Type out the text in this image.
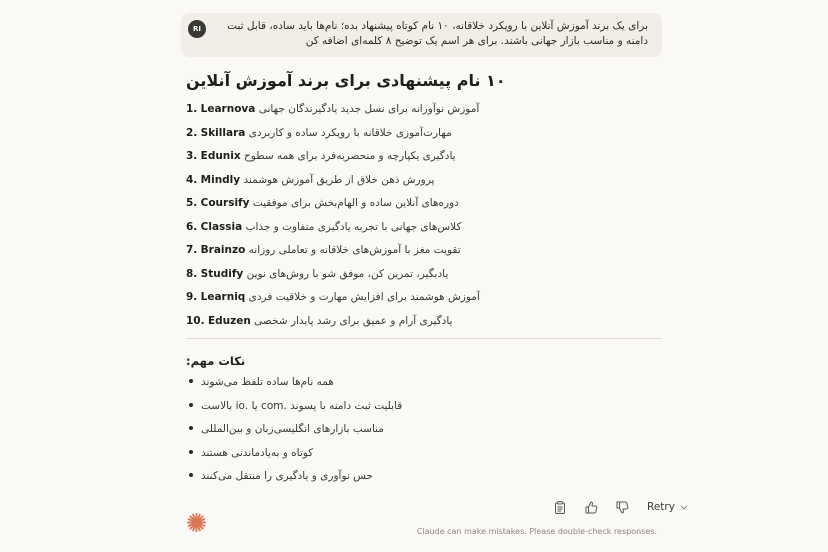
RI	برای یک برند آموزش آنلاین با رویکرد خلاقانه، ۱۰ نام کوتاه پیشنهاد بده؛ نام‌ها باید ساده، قابل ثبت دامنه و مناسب بازار جهانی باشند. برای هر اسم یک توضیح ۸ کلمه‌ای اضافه کن
۱۰ نام پیشنهادی برای برند آموزش آنلاین
1. Learnova آموزش نوآورانه برای نسل جدید یادگیرندگان جهانی
2. Skillara مهارت‌آموزی خلاقانه با رویکرد ساده و کاربردی
3. Edunix یادگیری یکپارچه و منحصربه‌فرد برای همه سطوح
4. Mindly پرورش ذهن خلاق از طریق آموزش هوشمند
5. Coursify دوره‌های آنلاین ساده و الهام‌بخش برای موفقیت
6. Classia کلاس‌های جهانی با تجربه یادگیری متفاوت و جذاب
7. Brainzo تقویت مغز با آموزش‌های خلاقانه و تعاملی روزانه
8. Studify یادبگیر، تمرین کن، موفق شو با روش‌های نوین
9. Learniq آموزش هوشمند برای افزایش مهارت و خلاقیت فردی
10. Eduzen یادگیری آرام و عمیق برای رشد پایدار شخصی
نکات مهم:
همه نام‌ها ساده تلفظ می‌شوند
قابلیت ثبت دامنه با پسوند .com یا .io بالاست
مناسب بازارهای انگلیسی‌زبان و بین‌المللی
کوتاه و به‌یادماندنی هستند
حس نوآوری و یادگیری را منتقل می‌کنند
Retry
Claude can make mistakes. Please double-check responses.
